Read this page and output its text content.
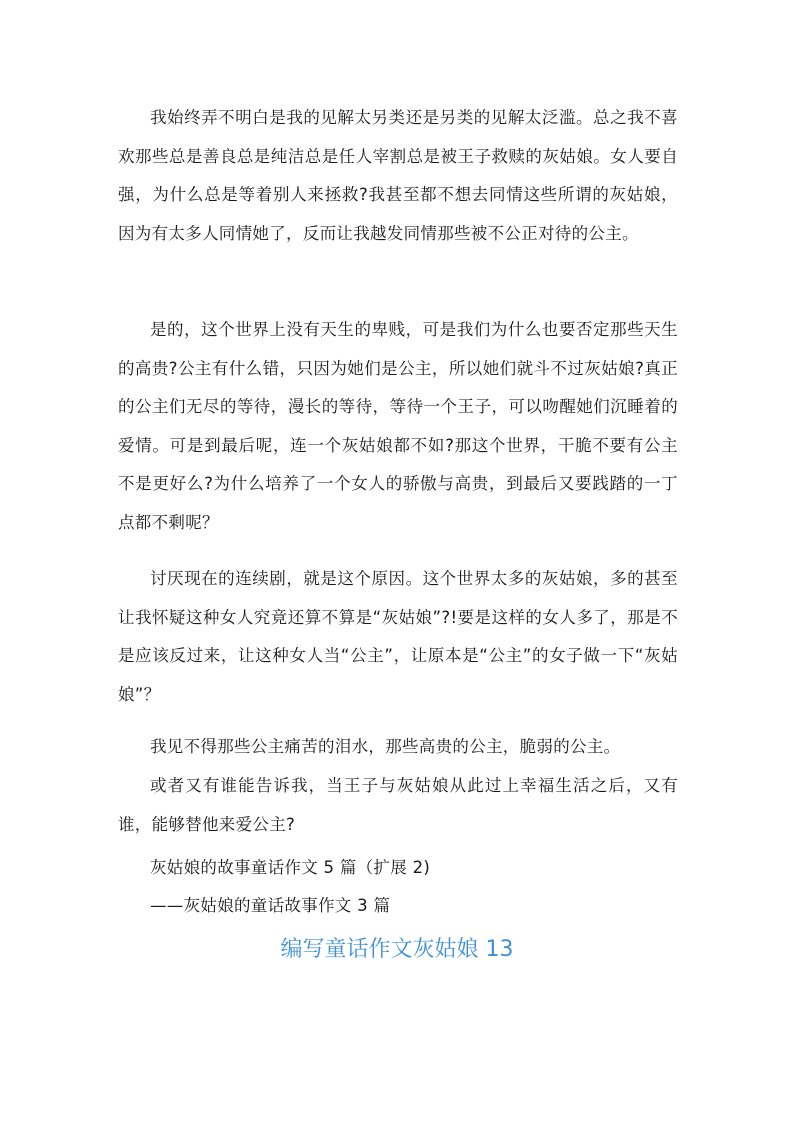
我始终弄不明白是我的见解太另类还是另类的见解太泛滥。总之我不喜欢那些总是善良总是纯洁总是任人宰割总是被王子救赎的灰姑娘。女人要自强，为什么总是等着别人来拯救?我甚至都不想去同情这些所谓的灰姑娘，因为有太多人同情她了，反而让我越发同情那些被不公正对待的公主。

是的，这个世界上没有天生的卑贱，可是我们为什么也要否定那些天生的高贵?公主有什么错，只因为她们是公主，所以她们就斗不过灰姑娘?真正的公主们无尽的等待，漫长的等待，等待一个王子，可以吻醒她们沉睡着的爱情。可是到最后呢，连一个灰姑娘都不如?那这个世界，干脆不要有公主不是更好么?为什么培养了一个女人的骄傲与高贵，到最后又要践踏的一丁点都不剩呢？

讨厌现在的连续剧，就是这个原因。这个世界太多的灰姑娘，多的甚至让我怀疑这种女人究竟还算不算是“灰姑娘”?!要是这样的女人多了，那是不是应该反过来，让这种女人当“公主”，让原本是“公主”的女子做一下“灰姑娘”？

我见不得那些公主痛苦的泪水，那些高贵的公主，脆弱的公主。

或者又有谁能告诉我，当王子与灰姑娘从此过上幸福生活之后，又有谁，能够替他来爱公主?

灰姑娘的故事童话作文 5 篇（扩展 2)

——灰姑娘的童话故事作文 3 篇

编写童话作文灰姑娘 13
